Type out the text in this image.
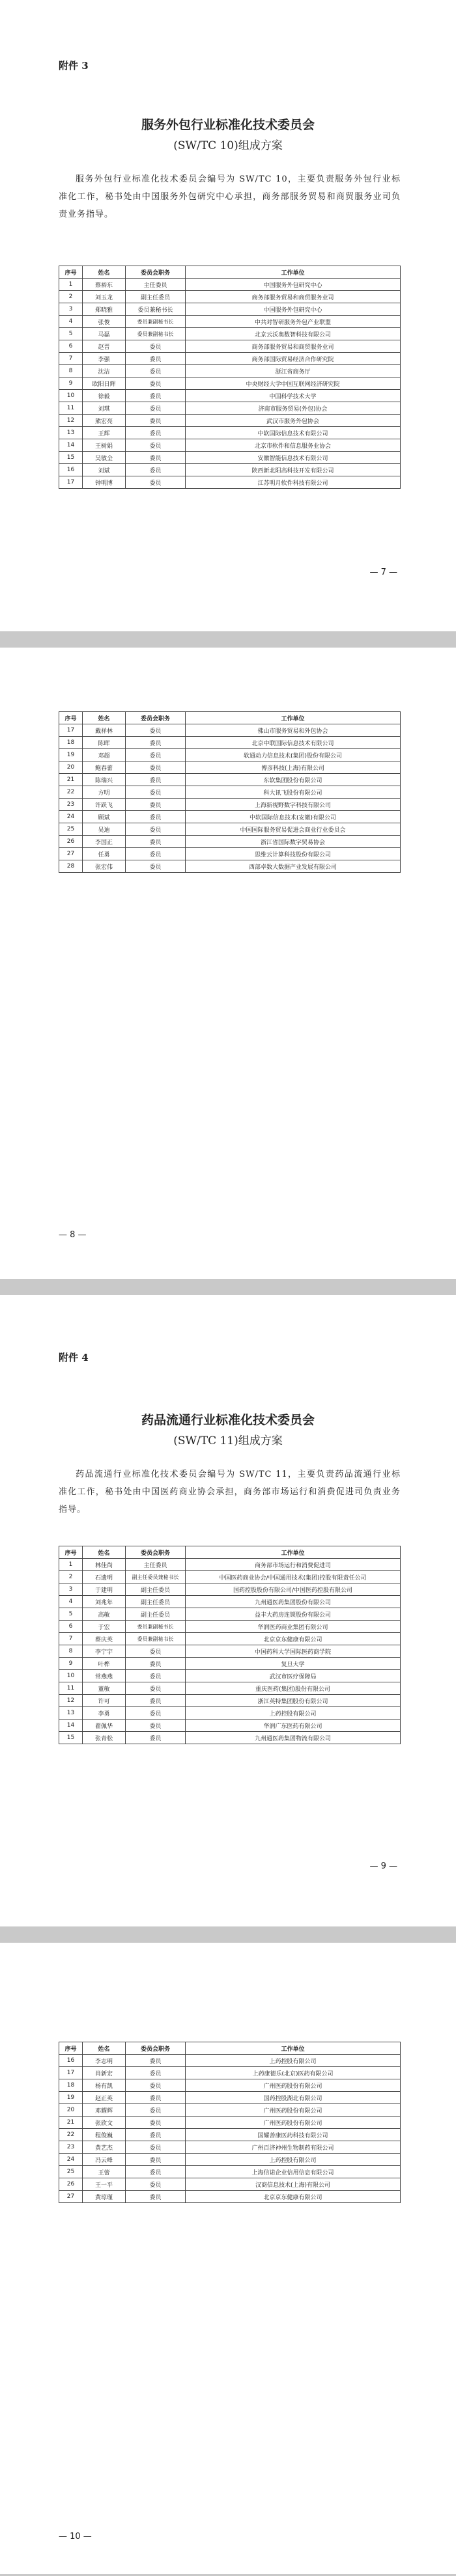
附件 3
服务外包行业标准化技术委员会
(SW/TC 10)组成方案
服务外包行业标准化技术委员会编号为 SW/TC 10，主要负责服务外包行业标准化工作，秘书处由中国服务外包研究中心承担，商务部服务贸易和商贸服务业司负责业务指导。
序号	姓名	委员会职务	工作单位
1	蔡裕东	主任委员	中国服务外包研究中心
2	刘玉龙	副主任委员	商务部服务贸易和商贸服务业司
3	郑晓雅	委员兼秘书长	中国服务外包研究中心
4	张俊	委员兼副秘书长	中共对智研服务外包产业联盟
5	马磊	委员兼副秘书长	北京云沃奥数智科技有限公司
6	赵晋	委员	商务部服务贸易和商贸服务业司
7	李强	委员	商务部国际贸易经济合作研究院
8	沈洁	委员	浙江省商务厅
9	欧阳日辉	委员	中央财经大学中国互联网经济研究院
10	徐毅	委员	中国科学技术大学
11	刘琪	委员	济南市服务贸易(外包)协会
12	熊宏亮	委员	武汉市服务外包协会
13	王辉	委员	中软国际信息技术有限公司
14	王树娟	委员	北京市软件和信息服务业协会
15	吴敏全	委员	安徽智能信息技术有限公司
16	刘斌	委员	陕西新北阳高科技开发有限公司
17	钟明博	委员	江苏明月软件科技有限公司
— 7 —
序号	姓名	委员会职务	工作单位
17	戴祥林	委员	佛山市服务贸易和外包协会
18	陈晖	委员	北京中联国际信息技术有限公司
19	邓超	委员	软通动力信息技术(集团)股份有限公司
20	鲍春蕾	委员	博彦科技(上海)有限公司
21	陈瑞兴	委员	东软集团股份有限公司
22	方明	委员	科大讯飞股份有限公司
23	许跃飞	委员	上海新视野数字科技有限公司
24	顾斌	委员	中软国际信息技术(安徽)有限公司
25	吴迪	委员	中国国际服务贸易促进会商业行业委员会
26	李国正	委员	浙江省国际数字贸易协会
27	任勇	委员	思维云计算科技股份有限公司
28	张宏伟	委员	西部卓数大数据产业发展有限公司
— 8 —
附件 4
药品流通行业标准化技术委员会
(SW/TC 11)组成方案
药品流通行业标准化技术委员会编号为 SW/TC 11，主要负责药品流通行业标准化工作，秘书处由中国医药商业协会承担，商务部市场运行和消费促进司负责业务指导。
序号	姓名	委员会职务	工作单位
1	林佳尚	主任委员	商务部市场运行和消费促进司
2	石遗明	副主任委员兼秘书长	中国医药商业协会/中国通用技术(集团)控股有限责任公司
3	于建明	副主任委员	国药控股股份有限公司/中国医药控股有限公司
4	刘兆年	副主任委员	九州通医药集团股份有限公司
5	高敏	副主任委员	益丰大药房连锁股份有限公司
6	于宏	委员兼副秘书长	华润医药商业集团有限公司
7	蔡庆英	委员兼副秘书长	北京京东健康有限公司
8	李宁宇	委员	中国药科大学国际医药商学院
9	叶桦	委员	复旦大学
10	常燕燕	委员	武汉市医疗保障局
11	董敏	委员	重庆医药(集团)股份有限公司
12	许可	委员	浙江英特集团股份有限公司
13	李勇	委员	上药控股有限公司
14	翟佩华	委员	华润广东医药有限公司
15	张青松	委员	九州通医药集团物流有限公司
— 9 —
序号	姓名	委员会职务	工作单位
16	李志明	委员	上药控股有限公司
17	肖新宏	委员	上药康德乐(北京)医药有限公司
18	杨有凯	委员	广州医药股份有限公司
19	赵正英	委员	国药控股湖北有限公司
20	邓耀辉	委员	广州医药股份有限公司
21	张欣文	委员	广州医药股份有限公司
22	程俊巍	委员	国耀善康医药科技有限公司
23	黄艺杰	委员	广州百济神州生物制药有限公司
24	冯云峰	委员	上药控股有限公司
25	王蕾	委员	上海信诺企业信用信息有限公司
26	王一平	委员	汉商信息技术(上海)有限公司
27	黄琼瑾	委员	北京京东健康有限公司
— 10 —
